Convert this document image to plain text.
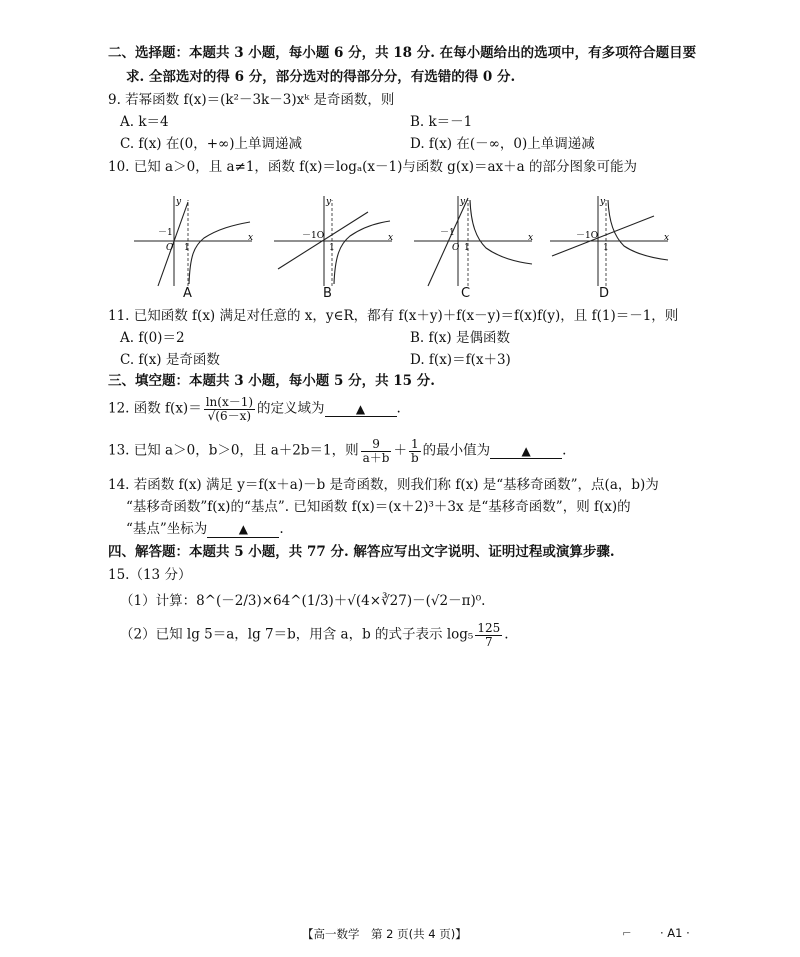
二、选择题：本题共 3 小题，每小题 6 分，共 18 分. 在每小题给出的选项中，有多项符合题目要
求. 全部选对的得 6 分，部分选对的得部分分，有选错的得 0 分.
9. 若幂函数 f(x)＝(k²－3k－3)xᵏ 是奇函数，则
A. k＝4	B. k＝－1
C. f(x) 在(0，+∞)上单调递减	D. f(x) 在(－∞，0)上单调递减
10. 已知 a＞0，且 a≠1，函数 f(x)＝logₐ(x－1)与函数 g(x)＝ax＋a 的部分图象可能为
x
y
－1
O 1
A
x
y
－1O
1
B
x
y
－1
O 1
C
x
y
－1O
1
D
11. 已知函数 f(x) 满足对任意的 x，y∈R，都有 f(x＋y)＋f(x－y)＝f(x)f(y)，且 f(1)＝－1，则
A. f(0)＝2	B. f(x) 是偶函数
C. f(x) 是奇函数	D. f(x)＝f(x＋3)
三、填空题：本题共 3 小题，每小题 5 分，共 15 分.
12. 函数 $f(x)= \frac{\ln(x-1)}{√(6-x)}$ 的定义域为	▲ .
13. 已知 a＞0，b＞0，且 a＋2b＝1，则 $\frac{9}{a+b} + \frac{1}{b}$ 的最小值为	▲ .
14. 若函数 f(x) 满足 y＝f(x＋a)－b 是奇函数，则我们称 f(x) 是“基移奇函数”，点(a，b)为
“基移奇函数”f(x)的“基点”. 已知函数 f(x)＝(x＋2)³＋3x 是“基移奇函数”，则 f(x)的
“基点”坐标为	▲ .
四、解答题：本题共 5 小题，共 77 分. 解答应写出文字说明、证明过程或演算步骤.
15.（13 分）
（1）计算：8^(－2/3)×64^(1/3)＋√(4×∛27)－(√2－π)⁰.
（2）已知 lg 5＝a，lg 7＝b，用含 a，b 的式子表示 $\log_5 \frac{125}{7}$ .
【高一数学　第 2 页(共 4 页)】	⌐ · A1 ·
